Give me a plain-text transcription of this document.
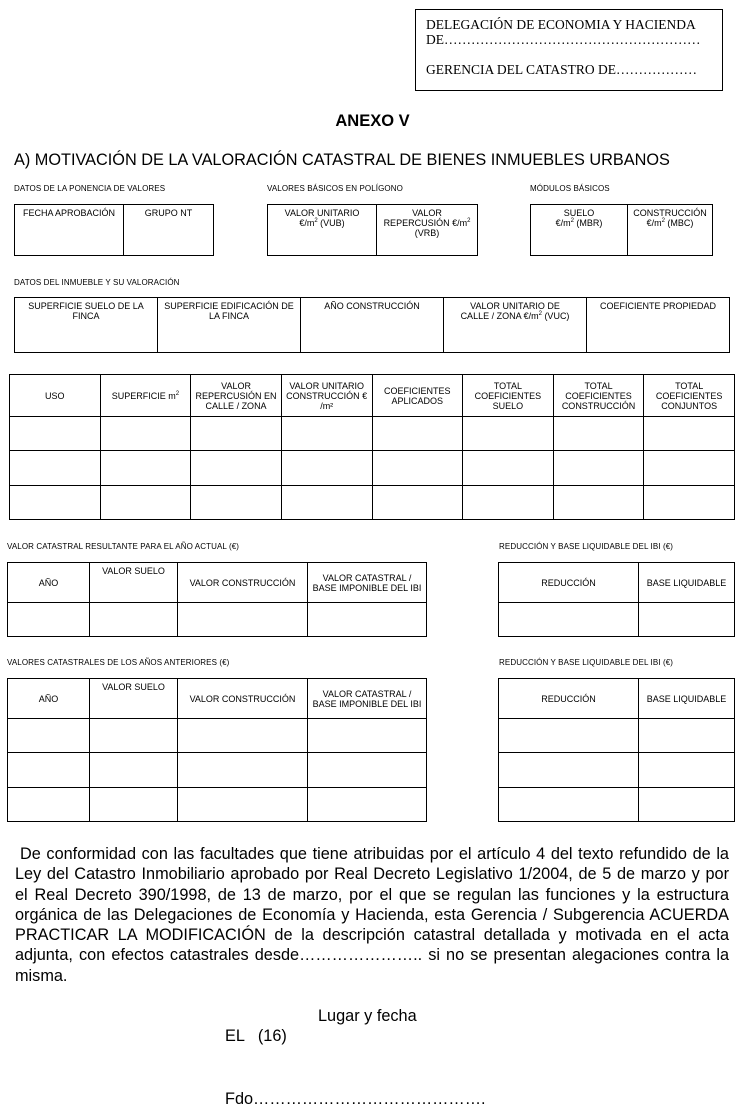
DELEGACIÓN DE ECONOMIA Y HACIENDA
DE…………………………………………………
GERENCIA DEL CATASTRO DE………………
ANEXO V
A) MOTIVACIÓN DE LA VALORACIÓN CATASTRAL DE BIENES INMUEBLES URBANOS
DATOS DE LA PONENCIA DE VALORES
FECHA APROBACIÓN	GRUPO NT
VALORES BÁSICOS EN POLÍGONO
VALOR UNITARIO
$€/m^2$ (VUB)	VALOR
REPERCUSIÓN $€/m^2$
(VRB)
MÓDULOS BÁSICOS
SUELO
$€/m^2$ (MBR)	CONSTRUCCIÓN
$€/m^2$ (MBC)
DATOS DEL INMUEBLE Y SU VALORACIÓN
SUPERFICIE SUELO DE LA FINCA	SUPERFICIE EDIFICACIÓN DE LA FINCA	AÑO CONSTRUCCIÓN	VALOR UNITARIO DE
CALLE / ZONA $€/m^2$ (VUC)	COEFICIENTE PROPIEDAD
USO	SUPERFICIE $m^2$	VALOR REPERCUSIÓN EN CALLE / ZONA	VALOR UNITARIO CONSTRUCCIÓN € /m²	COEFICIENTES APLICADOS	TOTAL COEFICIENTES SUELO	TOTAL COEFICIENTES CONSTRUCCIÓN	TOTAL COEFICIENTES CONJUNTOS

VALOR CATASTRAL RESULTANTE PARA EL AÑO ACTUAL (€)
AÑO	VALOR SUELO	VALOR CONSTRUCCIÓN	VALOR CATASTRAL /
BASE IMPONIBLE DEL IBI

REDUCCIÓN Y BASE LIQUIDABLE DEL IBI (€)
REDUCCIÓN	BASE LIQUIDABLE

VALORES CATASTRALES DE LOS AÑOS ANTERIORES (€)
AÑO	VALOR SUELO	VALOR CONSTRUCCIÓN	VALOR CATASTRAL /
BASE IMPONIBLE DEL IBI

REDUCCIÓN Y BASE LIQUIDABLE DEL IBI (€)
REDUCCIÓN	BASE LIQUIDABLE

De conformidad con las facultades que tiene atribuidas por el artículo 4 del texto refundido de la Ley del Catastro Inmobiliario aprobado por Real Decreto Legislativo 1/2004, de 5 de marzo y por el Real Decreto 390/1998, de 13 de marzo, por el que se regulan las funciones y la estructura orgánica de las Delegaciones de Economía y Hacienda, esta Gerencia / Subgerencia ACUERDA PRACTICAR LA MODIFICACIÓN de la descripción catastral detallada y motivada en el acta adjunta, con efectos catastrales desde………………….. si no se presentan alegaciones contra la misma.
Lugar y fecha
EL   (16)
Fdo…………………………………….
